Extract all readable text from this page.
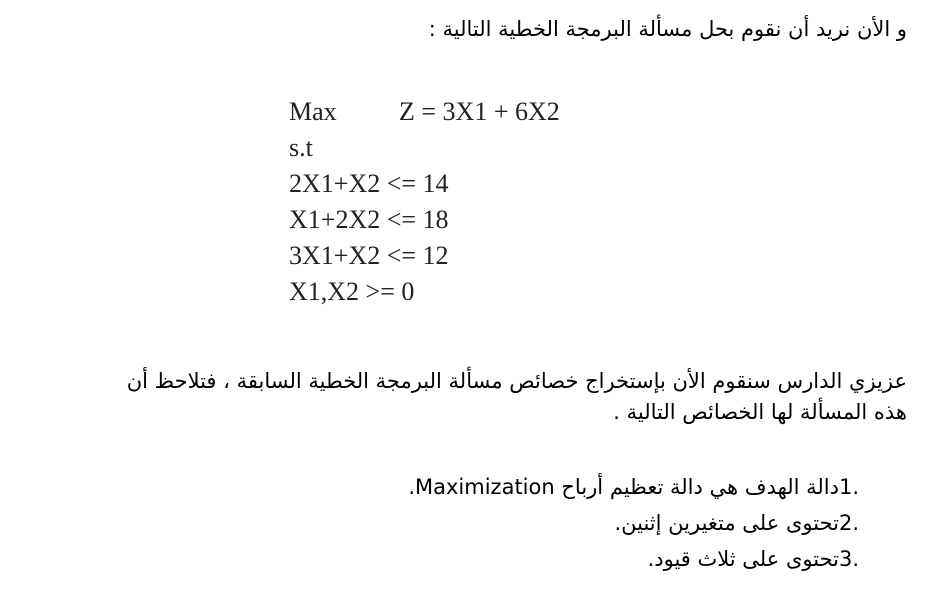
و الأن نريد أن نقوم بحل مسألة البرمجة الخطية التالية :
Max Z = 3X1 + 6X2
s.t
2X1+X2 <= 14
X1+2X2 <= 18
3X1+X2 <= 12
X1,X2 >= 0
عزيزي الدارس سنقوم الأن بإستخراج خصائص مسألة البرمجة الخطية السابقة ، فتلاحظ أن
هذه المسألة لها الخصائص التالية .
1.دالة الهدف هي دالة تعظيم أرباح Maximization.
2.تحتوى على متغيرين إثنين.
3.تحتوى على ثلاث قيود.
